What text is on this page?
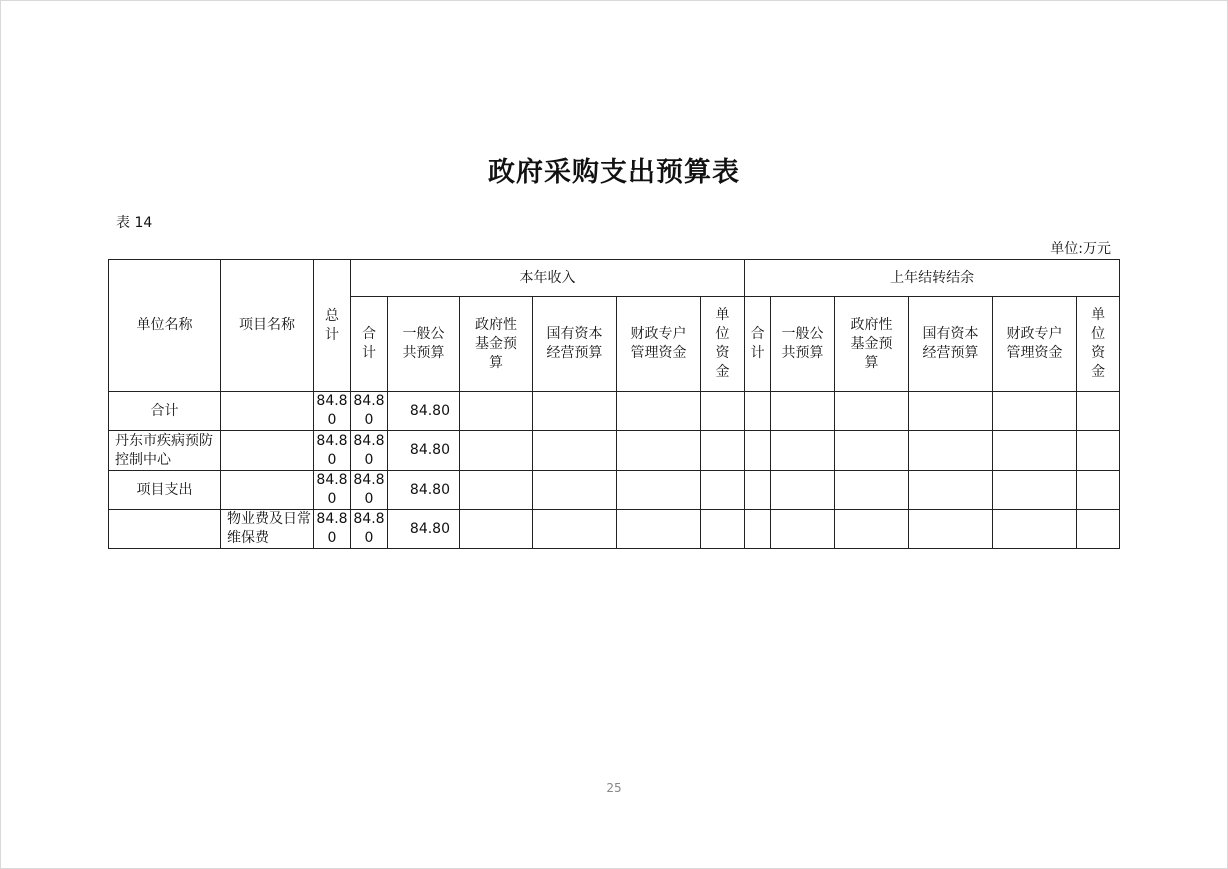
政府采购支出预算表
表 14
单位:万元
单位名称	项目名称	总计	本年收入						上年结转结余					
			合计	一般公共预算	政府性基金预算	国有资本经营预算	财政专户管理资金	单位资金	合计	一般公共预算	政府性基金预算	国有资本经营预算	财政专户管理资金	单位资金
合计		84.80	84.80	84.80										
丹东市疾病预防控制中心		84.80	84.80	84.80										
项目支出		84.80	84.80	84.80										
	物业费及日常维保费	84.80	84.80	84.80										
25
